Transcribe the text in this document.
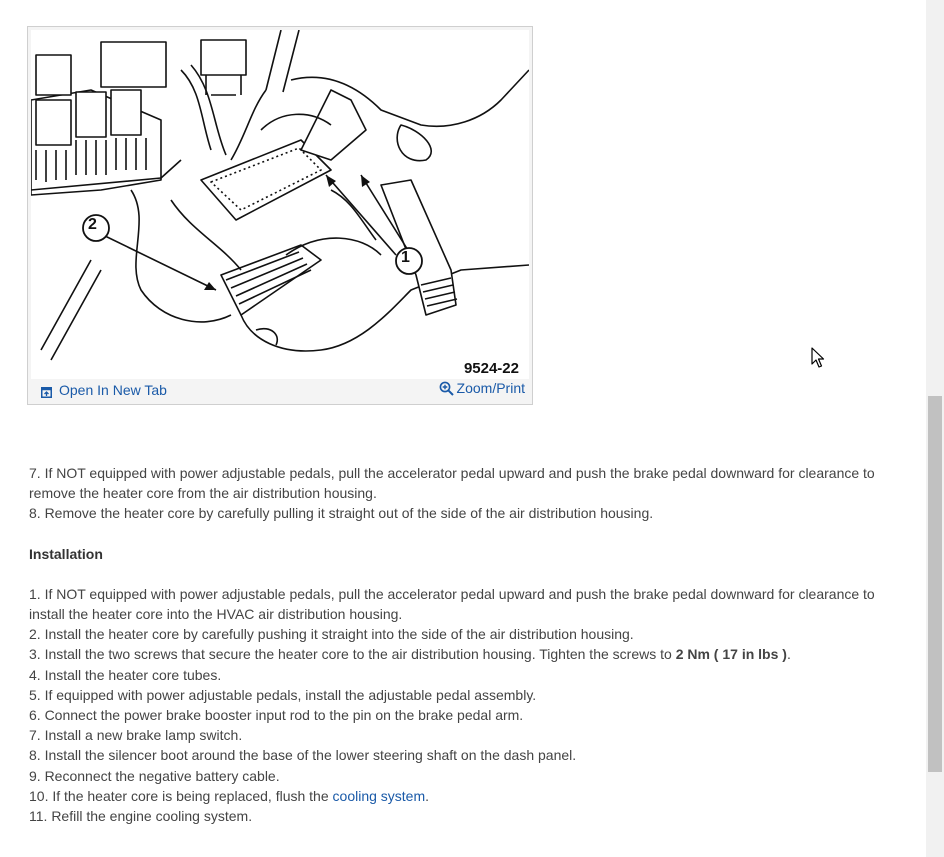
2
1
9524-22
Open In New Tab	Zoom/Print

7. If NOT equipped with power adjustable pedals, pull the accelerator pedal upward and push the brake pedal downward for clearance to remove the heater core from the air distribution housing.

8. Remove the heater core by carefully pulling it straight out of the side of the air distribution housing.

Installation

1. If NOT equipped with power adjustable pedals, pull the accelerator pedal upward and push the brake pedal downward for clearance to install the heater core into the HVAC air distribution housing.

2. Install the heater core by carefully pushing it straight into the side of the air distribution housing.

3. Install the two screws that secure the heater core to the air distribution housing. Tighten the screws to 2 Nm ( 17 in lbs ).

4. Install the heater core tubes.

5. If equipped with power adjustable pedals, install the adjustable pedal assembly.

6. Connect the power brake booster input rod to the pin on the brake pedal arm.

7. Install a new brake lamp switch.

8. Install the silencer boot around the base of the lower steering shaft on the dash panel.

9. Reconnect the negative battery cable.

10. If the heater core is being replaced, flush the cooling system.

11. Refill the engine cooling system.
